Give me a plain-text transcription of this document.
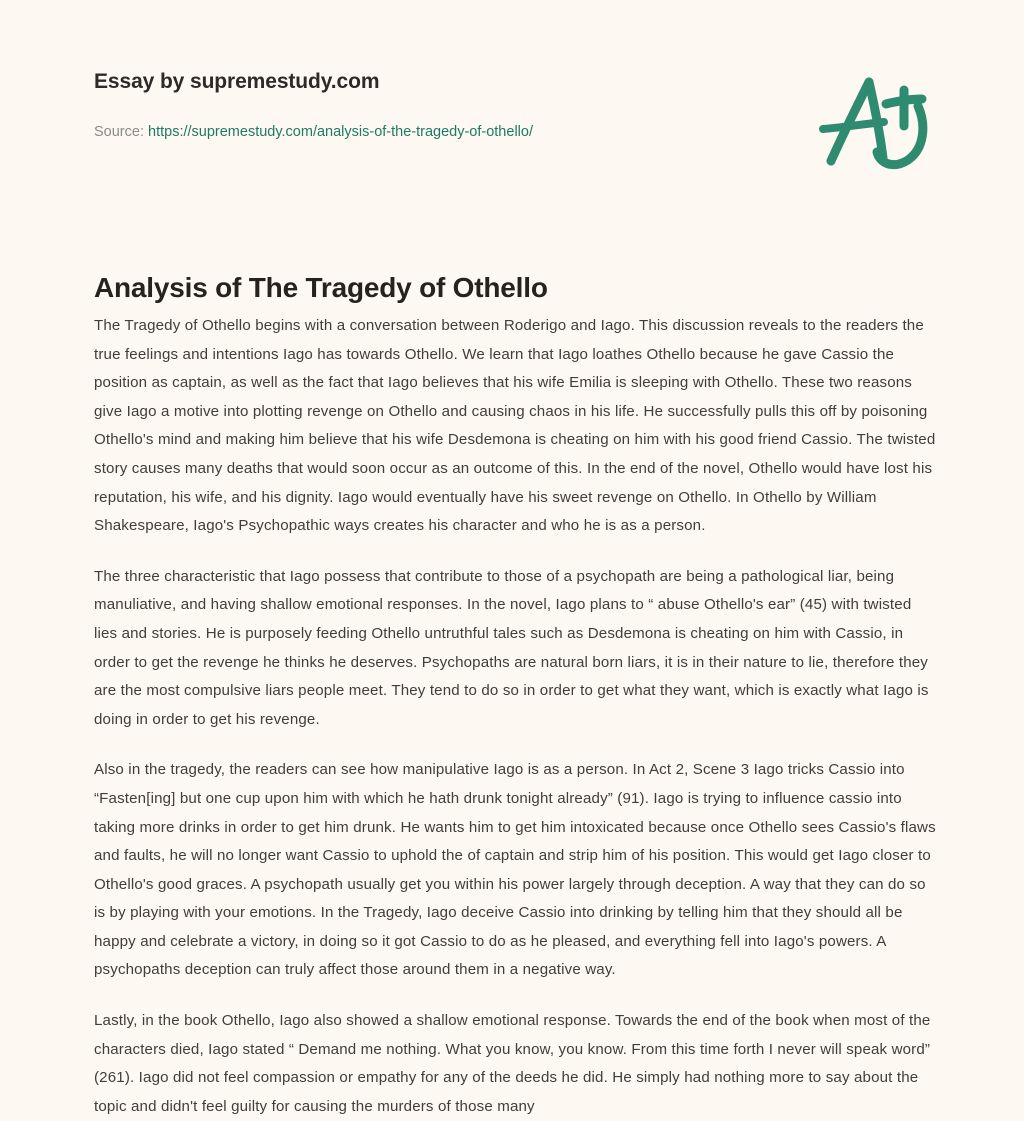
Essay by supremestudy.com
Source: https://supremestudy.com/analysis-of-the-tragedy-of-othello/
Analysis of The Tragedy of Othello

The Tragedy of Othello begins with a conversation between Roderigo and Iago. This discussion reveals to the readers the true feelings and intentions Iago has towards Othello. We learn that Iago loathes Othello because he gave Cassio the position as captain, as well as the fact that Iago believes that his wife Emilia is sleeping with Othello. These two reasons give Iago a motive into plotting revenge on Othello and causing chaos in his life. He successfully pulls this off by poisoning Othello's mind and making him believe that his wife Desdemona is cheating on him with his good friend Cassio. The twisted story causes many deaths that would soon occur as an outcome of this. In the end of the novel, Othello would have lost his reputation, his wife, and his dignity. Iago would eventually have his sweet revenge on Othello. In Othello by William Shakespeare, Iago's Psychopathic ways creates his character and who he is as a person.

The three characteristic that Iago possess that contribute to those of a psychopath are being a pathological liar, being manuliative, and having shallow emotional responses. In the novel, Iago plans to “ abuse Othello's ear” (45) with twisted lies and stories. He is purposely feeding Othello untruthful tales such as Desdemona is cheating on him with Cassio, in order to get the revenge he thinks he deserves. Psychopaths are natural born liars, it is in their nature to lie, therefore they are the most compulsive liars people meet. They tend to do so in order to get what they want, which is exactly what Iago is doing in order to get his revenge.

Also in the tragedy, the readers can see how manipulative Iago is as a person. In Act 2, Scene 3 Iago tricks Cassio into “Fasten[ing] but one cup upon him with which he hath drunk tonight already” (91). Iago is trying to influence cassio into taking more drinks in order to get him drunk. He wants him to get him intoxicated because once Othello sees Cassio's flaws and faults, he will no longer want Cassio to uphold the of captain and strip him of his position. This would get Iago closer to Othello's good graces. A psychopath usually get you within his power largely through deception. A way that they can do so is by playing with your emotions. In the Tragedy, Iago deceive Cassio into drinking by telling him that they should all be happy and celebrate a victory, in doing so it got Cassio to do as he pleased, and everything fell into Iago's powers. A psychopaths deception can truly affect those around them in a negative way.

Lastly, in the book Othello, Iago also showed a shallow emotional response. Towards the end of the book when most of the characters died, Iago stated “ Demand me nothing. What you know, you know. From this time forth I never will speak word” (261). Iago did not feel compassion or empathy for any of the deeds he did. He simply had nothing more to say about the topic and didn't feel guilty for causing the murders of those many
